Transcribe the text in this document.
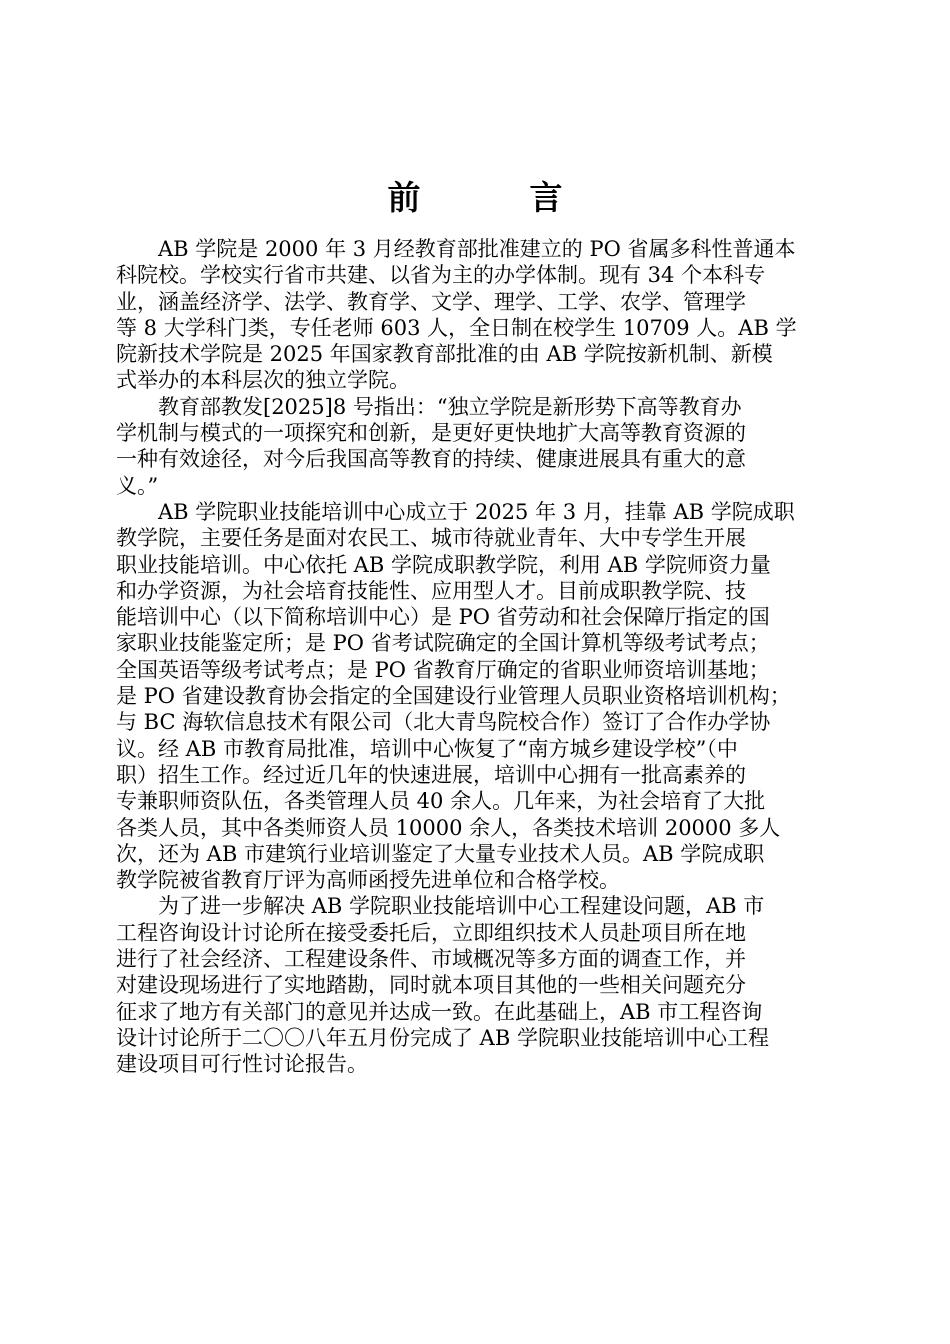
前　言

AB 学院是 2000 年 3 月经教育部批准建立的 PO 省属多科性普通本
科院校。学校实行省市共建、以省为主的办学体制。现有 34 个本科专
业，涵盖经济学、法学、教育学、文学、理学、工学、农学、管理学
等 8 大学科门类，专任老师 603 人，全日制在校学生 10709 人。AB 学
院新技术学院是 2025 年国家教育部批准的由 AB 学院按新机制、新模
式举办的本科层次的独立学院。

教育部教发[2025]8 号指出：“独立学院是新形势下高等教育办
学机制与模式的一项探究和创新，是更好更快地扩大高等教育资源的
一种有效途径，对今后我国高等教育的持续、健康进展具有重大的意
义。”

AB 学院职业技能培训中心成立于 2025 年 3 月，挂靠 AB 学院成职
教学院，主要任务是面对农民工、城市待就业青年、大中专学生开展
职业技能培训。中心依托 AB 学院成职教学院，利用 AB 学院师资力量
和办学资源，为社会培育技能性、应用型人才。目前成职教学院、技
能培训中心（以下简称培训中心）是 PO 省劳动和社会保障厅指定的国
家职业技能鉴定所；是 PO 省考试院确定的全国计算机等级考试考点；
全国英语等级考试考点；是 PO 省教育厅确定的省职业师资培训基地；
是 PO 省建设教育协会指定的全国建设行业管理人员职业资格培训机构；
与 BC 海软信息技术有限公司（北大青鸟院校合作）签订了合作办学协
议。经 AB 市教育局批准，培训中心恢复了“南方城乡建设学校”（中
职）招生工作。经过近几年的快速进展，培训中心拥有一批高素养的
专兼职师资队伍，各类管理人员 40 余人。几年来，为社会培育了大批
各类人员，其中各类师资人员 10000 余人，各类技术培训 20000 多人
次，还为 AB 市建筑行业培训鉴定了大量专业技术人员。AB 学院成职
教学院被省教育厅评为高师函授先进单位和合格学校。

为了进一步解决 AB 学院职业技能培训中心工程建设问题，AB 市
工程咨询设计讨论所在接受委托后，立即组织技术人员赴项目所在地
进行了社会经济、工程建设条件、市域概况等多方面的调查工作，并
对建设现场进行了实地踏勘，同时就本项目其他的一些相关问题充分
征求了地方有关部门的意见并达成一致。在此基础上，AB 市工程咨询
设计讨论所于二〇〇八年五月份完成了 AB 学院职业技能培训中心工程
建设项目可行性讨论报告。
